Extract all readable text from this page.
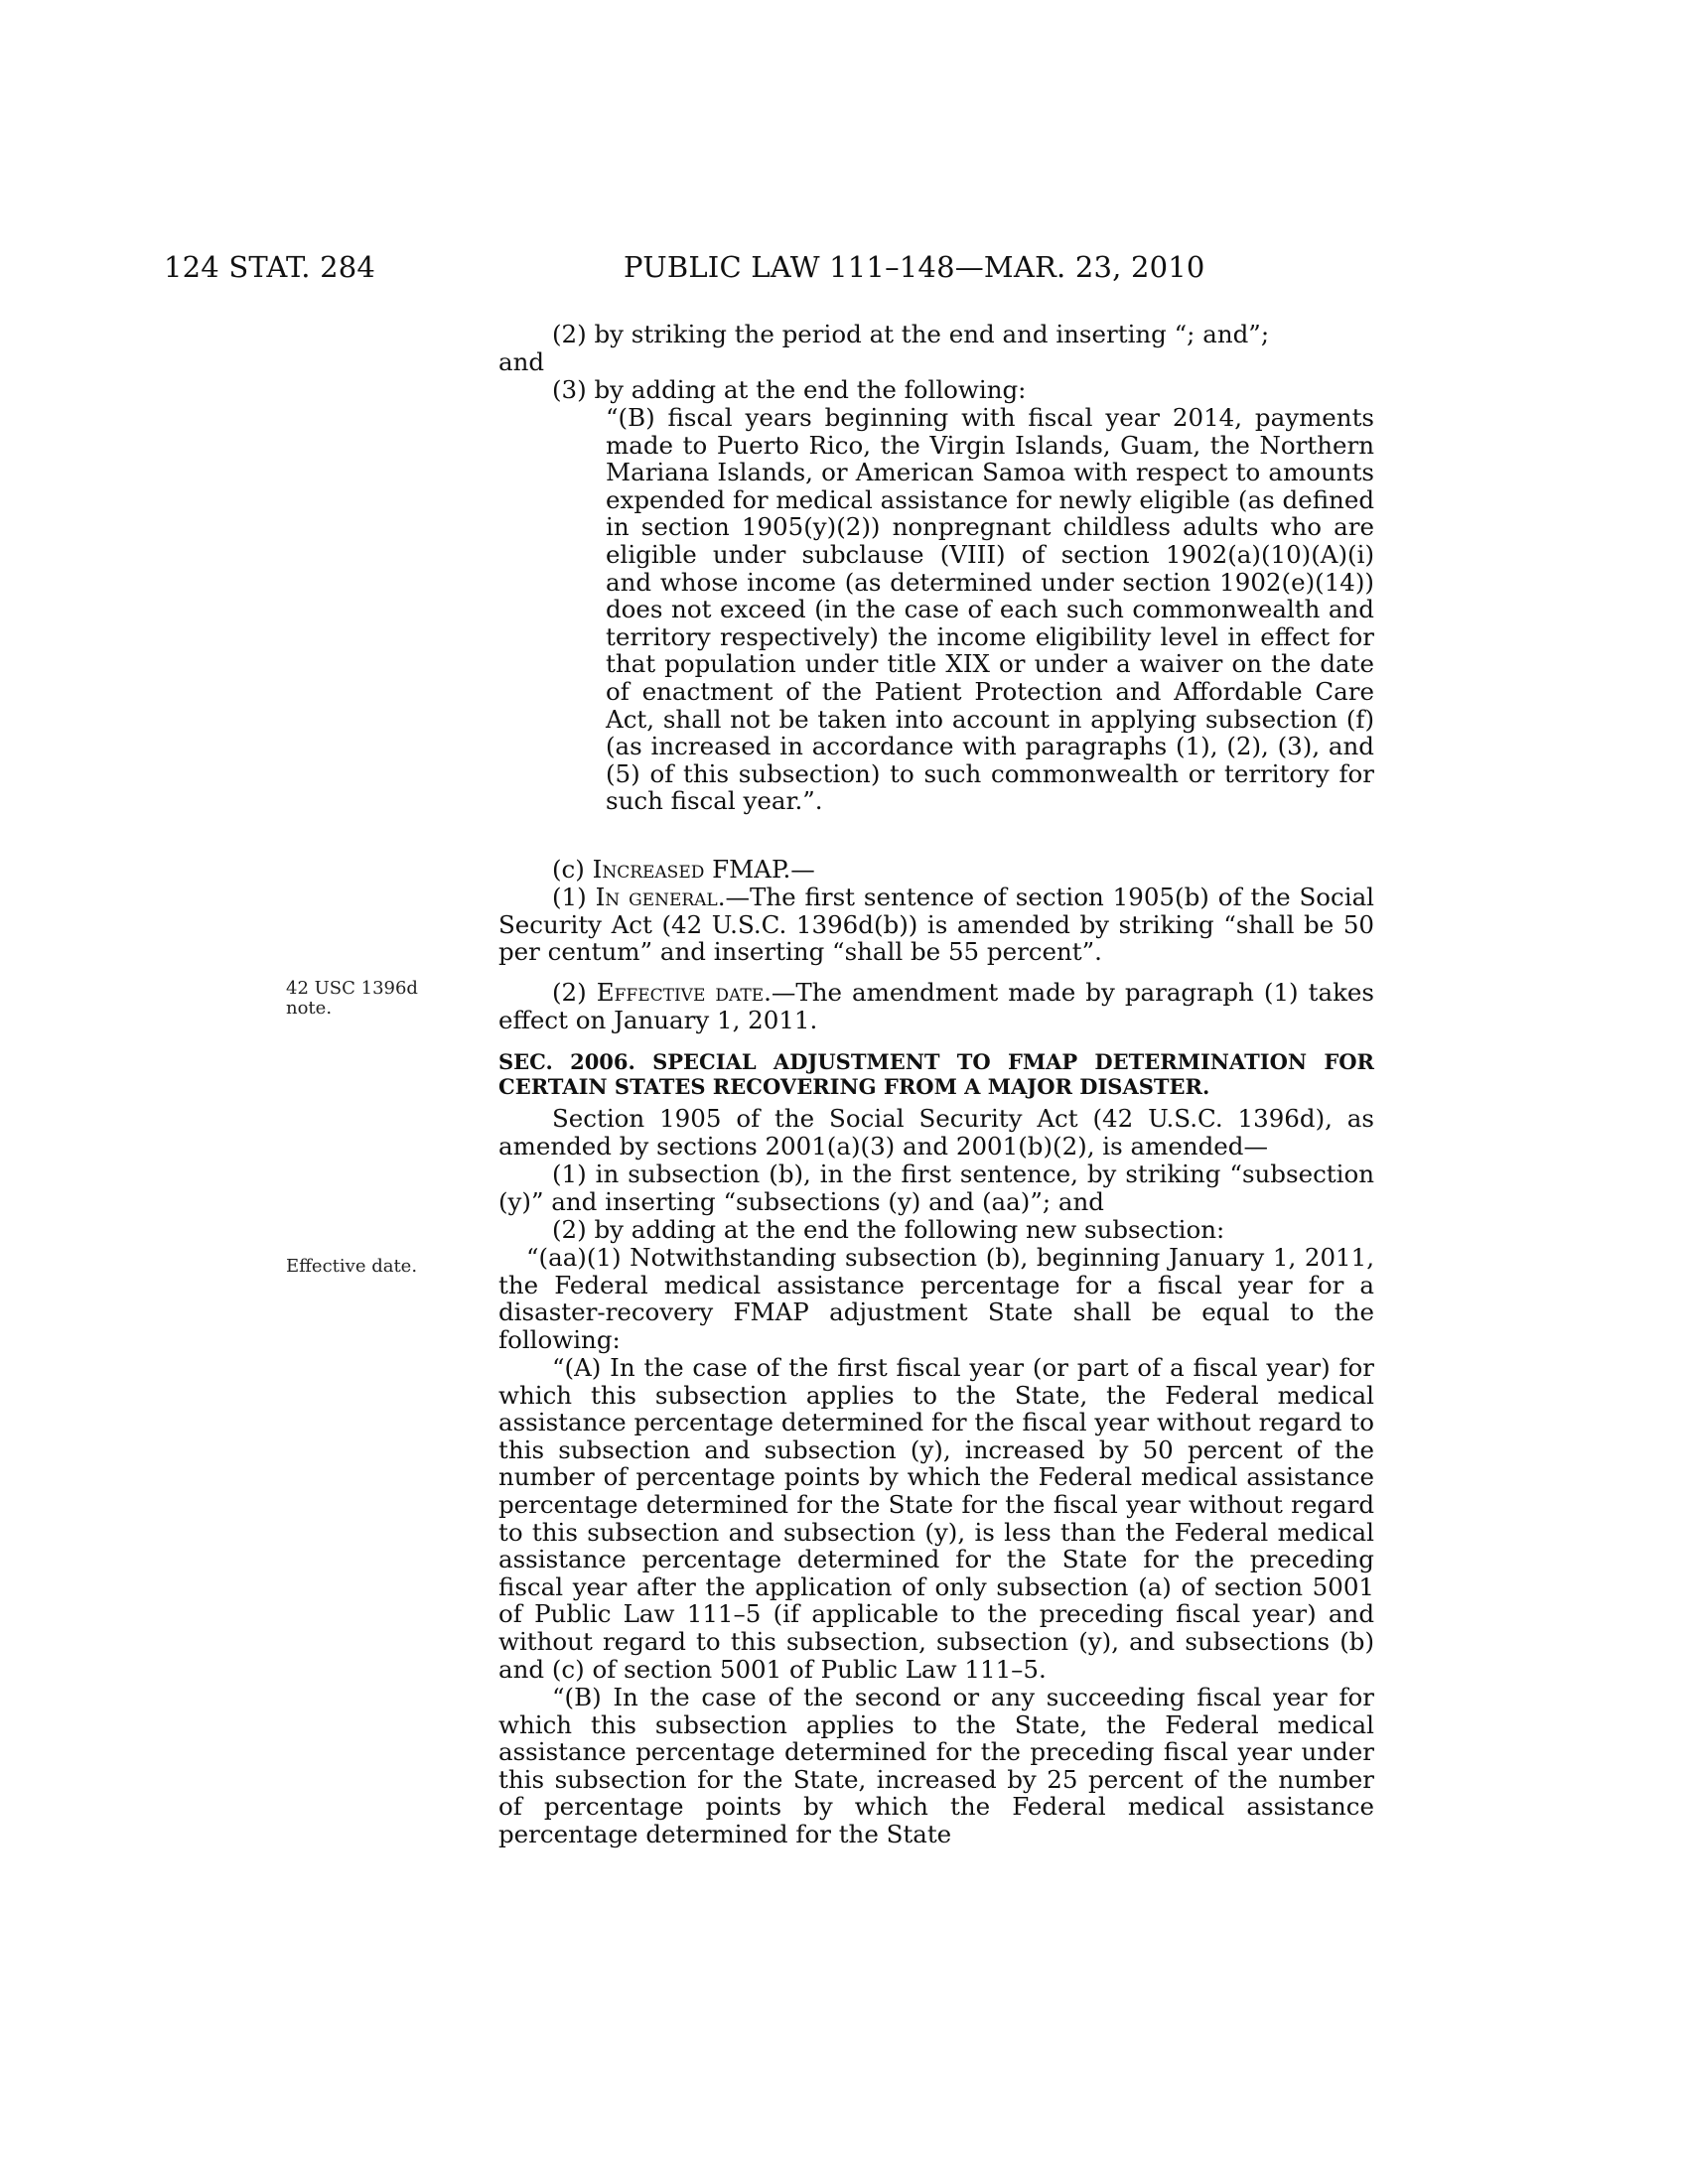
124 STAT. 284	PUBLIC LAW 111–148—MAR. 23, 2010
42 USC 1396d
note.
Effective date.

(2) by striking the period at the end and inserting “; and”;

and

(3) by adding at the end the following:

“(B) fiscal years beginning with fiscal year 2014, payments made to Puerto Rico, the Virgin Islands, Guam, the Northern Mariana Islands, or American Samoa with respect to amounts expended for medical assistance for newly eligible (as defined in section 1905(y)(2)) nonpregnant childless adults who are eligible under subclause (VIII) of section 1902(a)(10)(A)(i) and whose income (as determined under section 1902(e)(14)) does not exceed (in the case of each such commonwealth and territory respectively) the income eligibility level in effect for that population under title XIX or under a waiver on the date of enactment of the Patient Protection and Affordable Care Act, shall not be taken into account in applying subsection (f) (as increased in accordance with paragraphs (1), (2), (3), and (5) of this subsection) to such commonwealth or territory for such fiscal year.”.

(c) Increased FMAP.—

(1) In general.—The first sentence of section 1905(b) of the Social Security Act (42 U.S.C. 1396d(b)) is amended by striking “shall be 50 per centum” and inserting “shall be 55 percent”.

(2) Effective date.—The amendment made by paragraph (1) takes effect on January 1, 2011.

SEC. 2006. SPECIAL ADJUSTMENT TO FMAP DETERMINATION FOR CERTAIN STATES RECOVERING FROM A MAJOR DISASTER.

Section 1905 of the Social Security Act (42 U.S.C. 1396d), as amended by sections 2001(a)(3) and 2001(b)(2), is amended—

(1) in subsection (b), in the first sentence, by striking “subsection (y)” and inserting “subsections (y) and (aa)”; and

(2) by adding at the end the following new subsection:

“(aa)(1) Notwithstanding subsection (b), beginning January 1, 2011, the Federal medical assistance percentage for a fiscal year for a disaster-recovery FMAP adjustment State shall be equal to the following:

“(A) In the case of the first fiscal year (or part of a fiscal year) for which this subsection applies to the State, the Federal medical assistance percentage determined for the fiscal year without regard to this subsection and subsection (y), increased by 50 percent of the number of percentage points by which the Federal medical assistance percentage determined for the State for the fiscal year without regard to this subsection and subsection (y), is less than the Federal medical assistance percentage determined for the State for the preceding fiscal year after the application of only subsection (a) of section 5001 of Public Law 111–5 (if applicable to the preceding fiscal year) and without regard to this subsection, subsection (y), and subsections (b) and (c) of section 5001 of Public Law 111–5.

“(B) In the case of the second or any succeeding fiscal year for which this subsection applies to the State, the Federal medical assistance percentage determined for the preceding fiscal year under this subsection for the State, increased by 25 percent of the number of percentage points by which the Federal medical assistance percentage determined for the State
